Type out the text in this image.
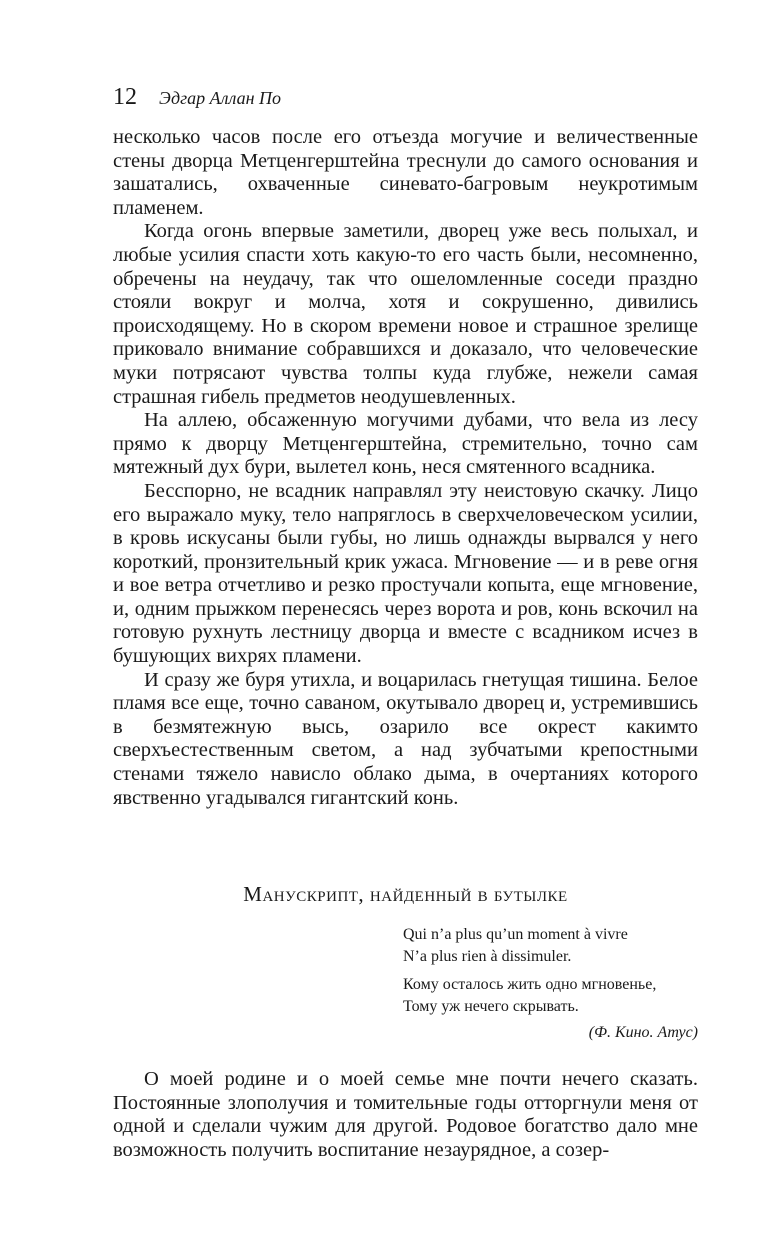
12 Эдгар Аллан По

несколько часов после его отъезда могучие и величественные стены дворца Метценгерштейна треснули до самого основания и зашатались, охваченные синевато-багровым неукротимым пламенем.

Когда огонь впервые заметили, дворец уже весь полыхал, и любые усилия спасти хоть какую-то его часть были, несомненно, обречены на неудачу, так что ошеломленные соседи праздно стояли вокруг и молча, хотя и сокрушенно, дивились происходящему. Но в скором времени новое и страшное зрелище приковало внимание собравшихся и доказало, что человеческие муки потрясают чувства толпы куда глубже, нежели самая страшная гибель предметов неодушевленных.

На аллею, обсаженную могучими дубами, что вела из лесу прямо к дворцу Метценгерштейна, стремительно, точно сам мятежный дух бури, вылетел конь, неся смятенного всадника.

Бесспорно, не всадник направлял эту неистовую скачку. Лицо его выражало муку, тело напряглось в сверхчеловеческом усилии, в кровь искусаны были губы, но лишь однажды вырвался у него короткий, пронзительный крик ужаса. Мгновение — и в реве огня и вое ветра отчетливо и резко простучали копыта, еще мгновение, и, одним прыжком перенесясь через ворота и ров, конь вскочил на готовую рухнуть лестницу дворца и вместе с всадником исчез в бушующих вихрях пламени.

И сразу же буря утихла, и воцарилась гнетущая тишина. Белое пламя все еще, точно саваном, окутывало дворец и, устремившись в безмятежную высь, озарило все окрест какимто сверхъестественным светом, а над зубчатыми крепостными стенами тяжело нависло облако дыма, в очертаниях которого явственно угадывался гигантский конь.

Манускрипт, найденный в бутылке
Qui n’a plus qu’un moment à vivre
N’a plus rien à dissimuler.
Кому осталось жить одно мгновенье,
Тому уж нечего скрывать.
(Ф. Кино. Атус)

О моей родине и о моей семье мне почти нечего сказать. Постоянные злополучия и томительные годы отторгнули меня от одной и сделали чужим для другой. Родовое богатство дало мне возможность получить воспитание незаурядное, а созер-
